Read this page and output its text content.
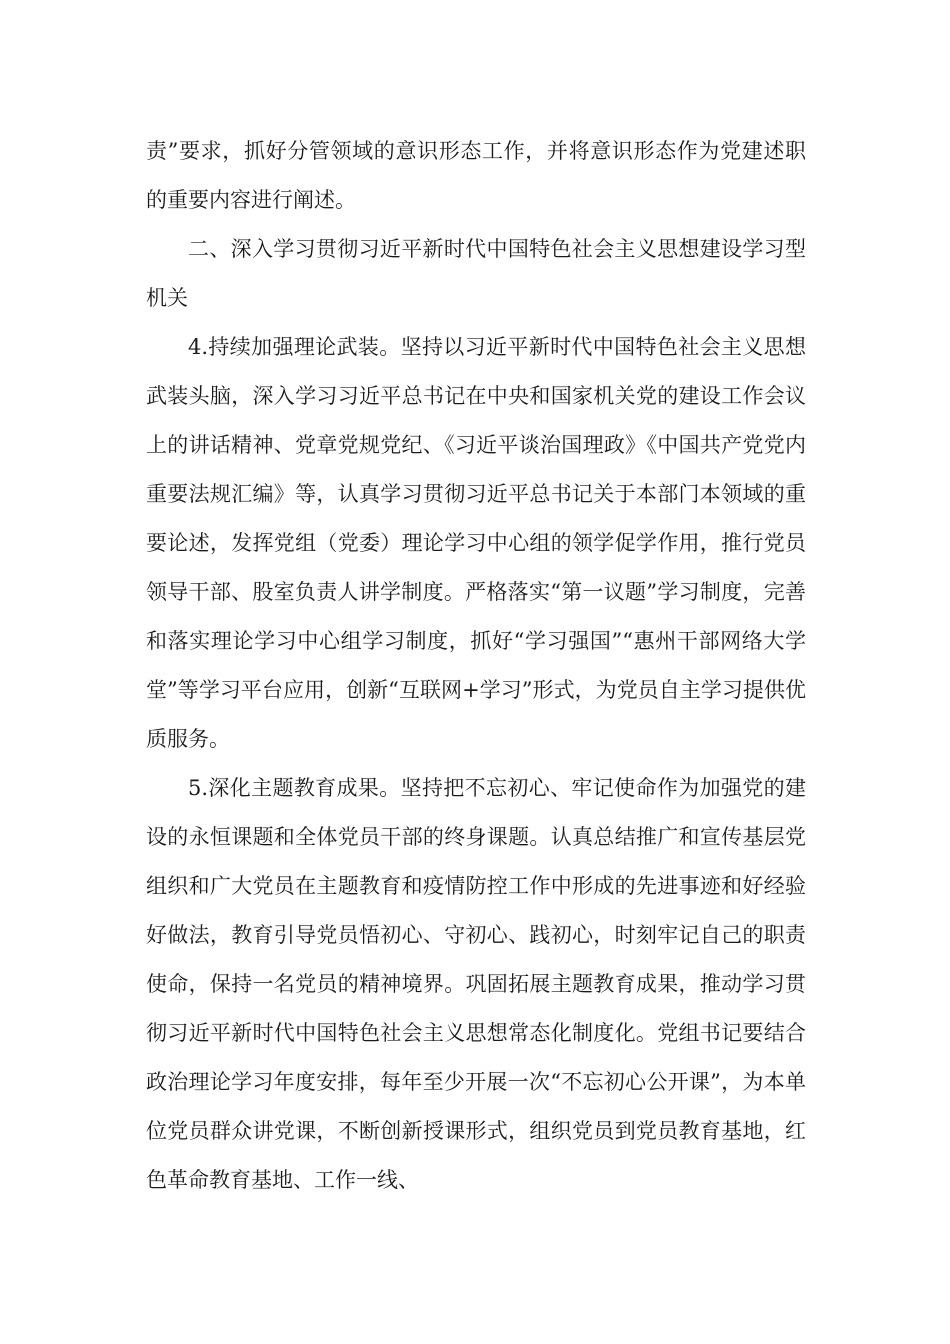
责”要求，抓好分管领域的意识形态工作，并将意识形态作为党建述职的重要内容进行阐述。

二、深入学习贯彻习近平新时代中国特色社会主义思想建设学习型机关

4.持续加强理论武装。坚持以习近平新时代中国特色社会主义思想武装头脑，深入学习习近平总书记在中央和国家机关党的建设工作会议上的讲话精神、党章党规党纪、《习近平谈治国理政》《中国共产党党内重要法规汇编》等，认真学习贯彻习近平总书记关于本部门本领域的重要论述，发挥党组（党委）理论学习中心组的领学促学作用，推行党员领导干部、股室负责人讲学制度。严格落实“第一议题”学习制度，完善和落实理论学习中心组学习制度，抓好“学习强国”“惠州干部网络大学堂”等学习平台应用，创新“互联网+学习”形式，为党员自主学习提供优质服务。

5.深化主题教育成果。坚持把不忘初心、牢记使命作为加强党的建设的永恒课题和全体党员干部的终身课题。认真总结推广和宣传基层党组织和广大党员在主题教育和疫情防控工作中形成的先进事迹和好经验好做法，教育引导党员悟初心、守初心、践初心，时刻牢记自己的职责使命，保持一名党员的精神境界。巩固拓展主题教育成果，推动学习贯彻习近平新时代中国特色社会主义思想常态化制度化。党组书记要结合政治理论学习年度安排，每年至少开展一次“不忘初心公开课”，为本单位党员群众讲党课，不断创新授课形式，组织党员到党员教育基地，红色革命教育基地、工作一线、
